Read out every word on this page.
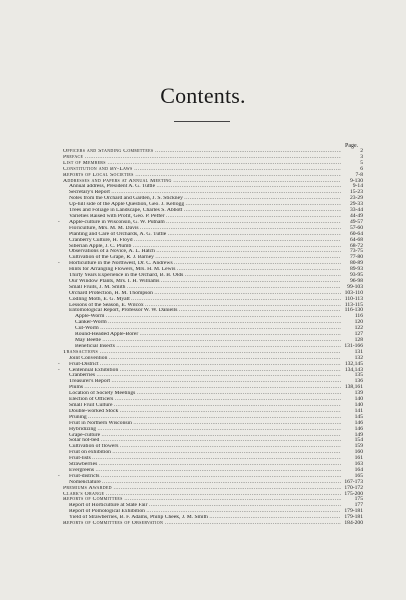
Contents.
Page.
Officers and Standing Committees .....	2
Preface .....	3
List of Members .....	5
Constitution and By-Laws .....	6
Reports of Local Societies .....	7-8
Addresses and Papers at Annual Meeting .....	9-130
Annual address, President A. G. Tuttle .....	9-14
Secretary's Report .....	15-23
Notes from the Orchard and Garden, J. S. Stickney .....	23-29
Up-hill side of the Apple Question, Geo. J. Kellogg .....	29-33
Trees and Foliage in Landscape, Charles S. Abbott .....	33-44
Varieties Raised with Profit, Geo. P. Peffer .....	44-49
- Apple-culture in Wisconsin, G. W. Putnam .....	49-57
Floriculture, Mrs. M. M. Davis .....	57-60
Planting and Care of Orchards, A. G. Tuttle .....	60-64
Cranberry Culture, H. Floyd .....	64-68
Siberian Apple, J. C. Plumb .....	68-72
Observations of a Novice, A. L. Hatch .....	73-75
Cultivation of the Grape, R. J. Barney .....	77-80
- Horticulture in the Northwest, Dr. C. Andrews .....	80-89
Hints for Arranging Flowers, Mrs. H. M. Lewis .....	89-93
Thirty Years Experience in the Orchard, B. B. Olds .....	93-95
Our Window Plants, Mrs. I. H. Williams .....	96-98
Small Fruits, J. M. Smith .....	99-103
Orchard Protection, H. M. Thompson .....	103-110
Codling Moth, E. G. Myatt .....	110-113
Lessons of the Season, E. Wilcox .....	113-115
Entomological Report, Professor W. W. Daniells .....	116-130
Apple-Worm .....	116
Canker-Worm .....	120
Cut-Worm .....	122
Round-Headed Apple-Borer .....	127
May Beetle .....	128
Beneficial Insects .....	131-166
Transactions .....	131
Joint Convention .....	132
- Fruit-District .....	132,145
- Centennial Exhibition .....	134,143
Cranberries .....	135
Treasurer's Report .....	136
Plums .....	138,161
Location of Society Meetings .....	139
Election of Officers .....	140
Small Fruit Culture .....	140
Double-worked Stock .....	141
Pruning .....	145
Fruit in Northern Wisconsin .....	146
Hybridizing .....	146
Grape-culture .....	149
Solar hot-bed .....	154
Cultivation of flowers .....	159
Fruit on exhibition .....	160
Fruit-lists .....	161
Strawberries .....	163
Evergreens .....	164
- Fruit-districts .....	165
Nomenclature .....	167-173
Premiums Awarded .....	170-172
Clark's Orange .....	175-200
Reports of Committees .....	175
Report of Horticulture at State Fair .....	177
Report of Pomological Exhibition .....	179-181
Yield of Strawberries, B. F. Adams, Philip Cheek, J. M. Smith .....	179-181
Reports of Committees of Observation .....	184-200
